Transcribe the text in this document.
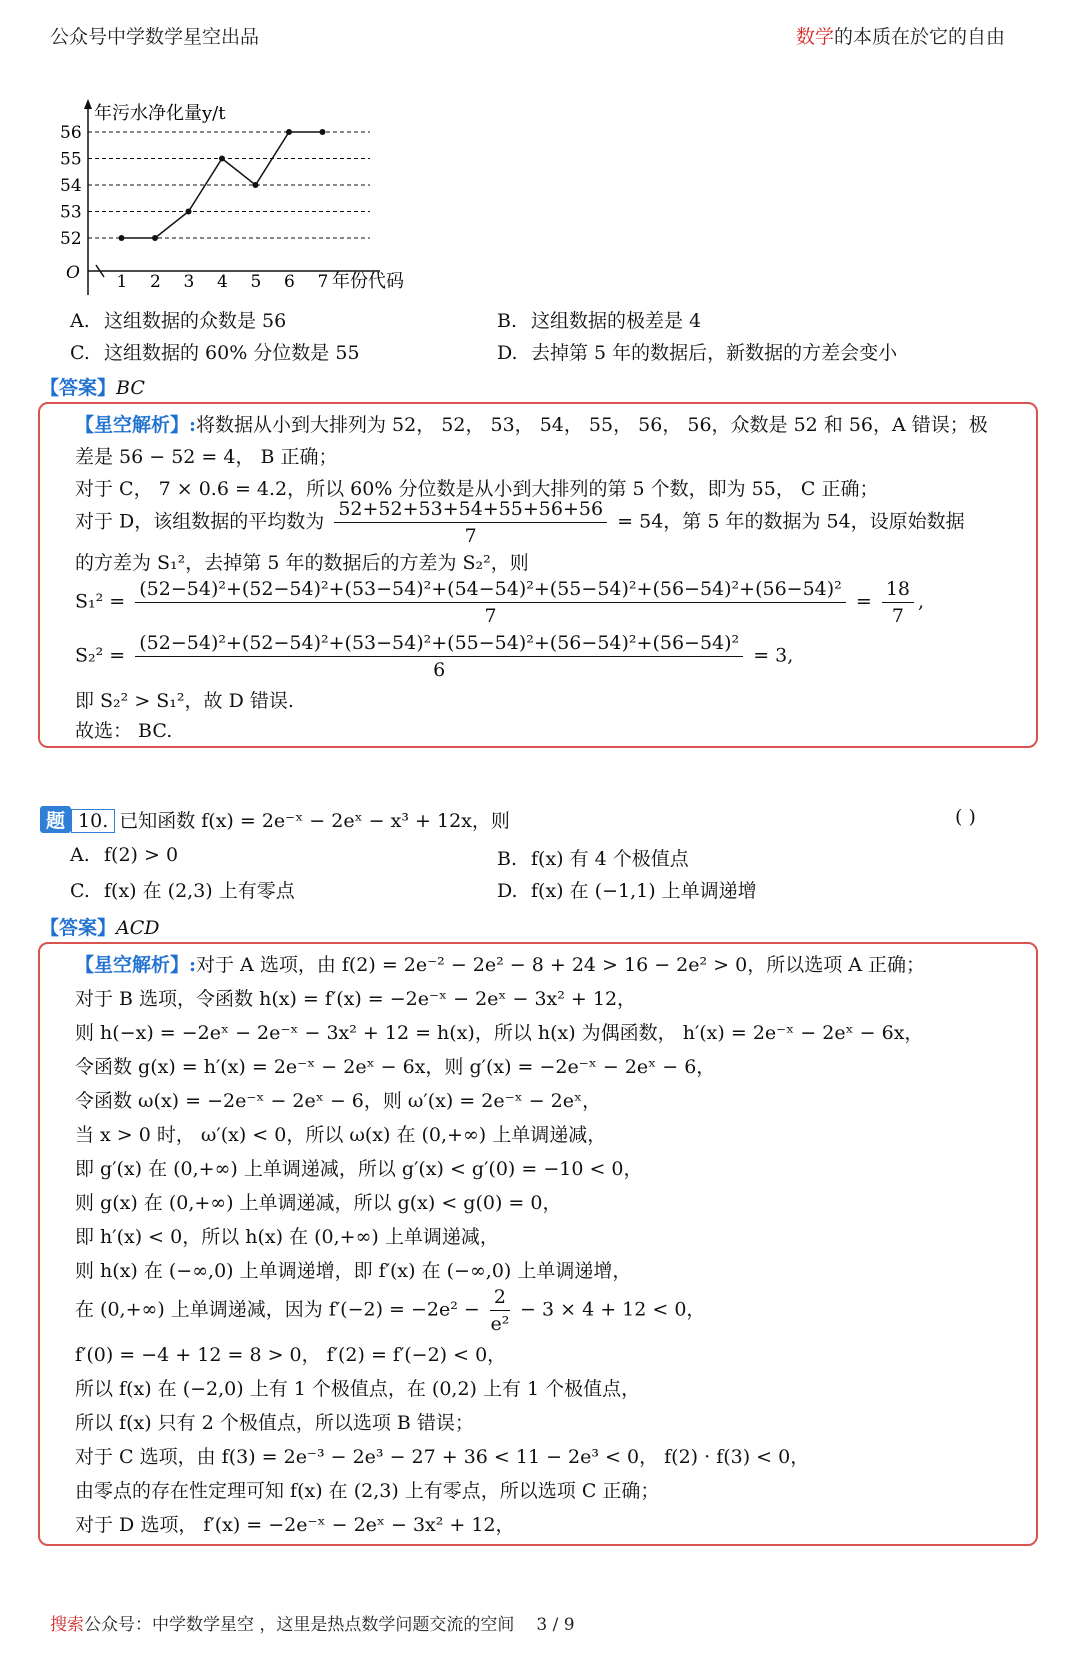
公众号中学数学星空出品	数学的本质在於它的自由
O
年污水净化量y/t
年份代码
52
53
54
55
56
1 2 3 4 5 6 7
A. 这组数据的众数是 56	B. 这组数据的极差是 4
C. 这组数据的 60% 分位数是 55	D. 去掉第 5 年的数据后，新数据的方差会变小
【答案】BC
【星空解析】:将数据从小到大排列为 52， 52， 53， 54， 55， 56， 56，众数是 52 和 56，A 错误；极
差是 56 − 52 = 4， B 正确；
对于 C， 7 × 0.6 = 4.2，所以 60% 分位数是从小到大排列的第 5 个数，即为 55， C 正确；
对于 D，该组数据的平均数为 $\frac{52+52+53+54+55+56+56}{7} = 54$，第 5 年的数据为 54，设原始数据
的方差为 S₁²，去掉第 5 年的数据后的方差为 S₂²，则
S₁² =
(52−54)²+(52−54)²+(53−54)²+(54−54)²+(55−54)²+(56−54)²+(56−54)²
7
= $\frac{18}{7}$ ,
$S_2^2 = \frac{\text{(52−54)²+(52−54)²+(53−54)²+(55−54)²+(56−54)²+(56−54)²}}{6} = 3$,
即 S₂² > S₁²，故 D 错误.
故选： BC.
题 10. 已知函数 f(x) = 2e⁻ˣ − 2eˣ − x³ + 12x，则	( )
A. f(2) > 0	B. f(x) 有 4 个极值点
C. f(x) 在 (2,3) 上有零点	D. f(x) 在 (−1,1) 上单调递增
【答案】ACD
【星空解析】:对于 A 选项，由 f(2) = 2e⁻² − 2e² − 8 + 24 > 16 − 2e² > 0，所以选项 A 正确；
对于 B 选项，令函数 h(x) = f′(x) = −2e⁻ˣ − 2eˣ − 3x² + 12，
则 h(−x) = −2eˣ − 2e⁻ˣ − 3x² + 12 = h(x)，所以 h(x) 为偶函数， h′(x) = 2e⁻ˣ − 2eˣ − 6x，
令函数 g(x) = h′(x) = 2e⁻ˣ − 2eˣ − 6x，则 g′(x) = −2e⁻ˣ − 2eˣ − 6，
令函数 ω(x) = −2e⁻ˣ − 2eˣ − 6，则 ω′(x) = 2e⁻ˣ − 2eˣ，
当 x > 0 时， ω′(x) < 0，所以 ω(x) 在 (0,+∞) 上单调递减，
即 g′(x) 在 (0,+∞) 上单调递减，所以 g′(x) < g′(0) = −10 < 0，
则 g(x) 在 (0,+∞) 上单调递减，所以 g(x) < g(0) = 0，
即 h′(x) < 0，所以 h(x) 在 (0,+∞) 上单调递减，
则 h(x) 在 (−∞,0) 上单调递增，即 f′(x) 在 (−∞,0) 上单调递增，
在 (0,+∞) 上单调递减，因为 $f'(-2) = -2e^2 - \frac{2}{\text{e²}} - 3 \times 4 + 12 < 0$，
f′(0) = −4 + 12 = 8 > 0， f′(2) = f′(−2) < 0，
所以 f(x) 在 (−2,0) 上有 1 个极值点，在 (0,2) 上有 1 个极值点，
所以 f(x) 只有 2 个极值点，所以选项 B 错误；
对于 C 选项，由 f(3) = 2e⁻³ − 2e³ − 27 + 36 < 11 − 2e³ < 0， f(2) · f(3) < 0，
由零点的存在性定理可知 f(x) 在 (2,3) 上有零点，所以选项 C 正确；
对于 D 选项， f′(x) = −2e⁻ˣ − 2eˣ − 3x² + 12，
搜索公众号：中学数学星空 ，这里是热点数学问题交流的空间 3 / 9
